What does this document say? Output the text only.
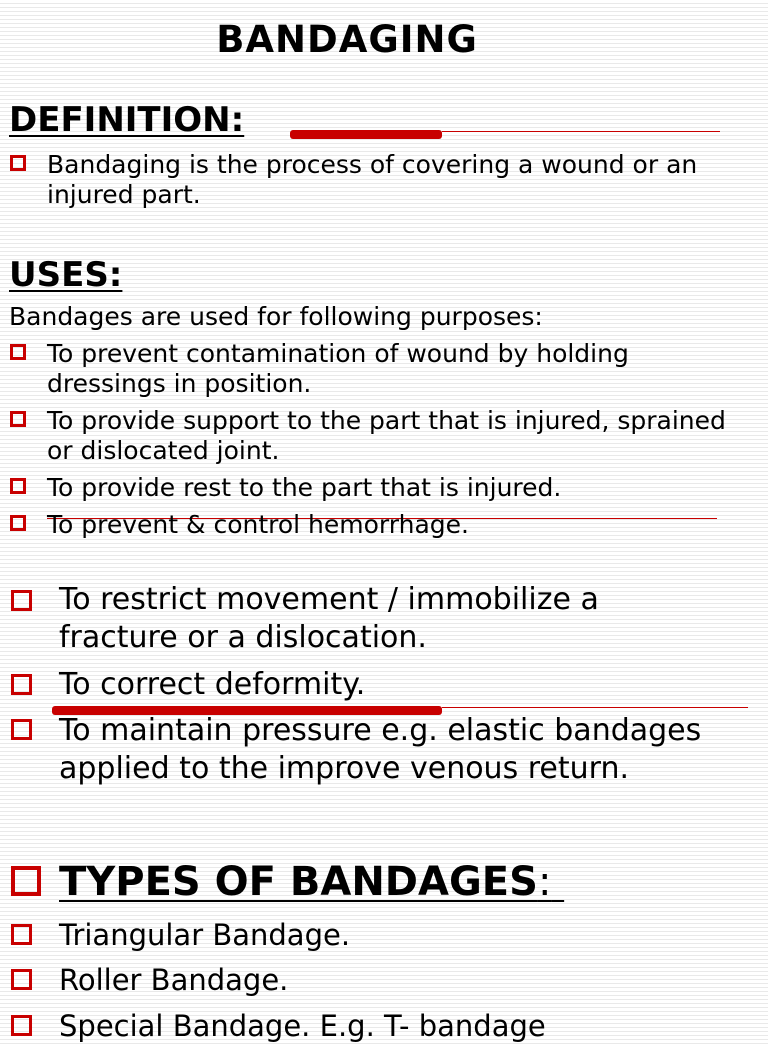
BANDAGING
DEFINITION:
Bandaging is the process of covering a wound or an injured part.
USES:
Bandages are used for following purposes:
To prevent contamination of wound by holding dressings in position.
To provide support to the part that is injured, sprained or dislocated joint.
To provide rest to the part that is injured.
To prevent & control hemorrhage.
To restrict movement / immobilize a fracture or a dislocation.
To correct deformity.
To maintain pressure e.g. elastic bandages applied to the improve venous return.
TYPES OF BANDAGES:
Triangular Bandage.
Roller Bandage.
Special Bandage. E.g. T- bandage
